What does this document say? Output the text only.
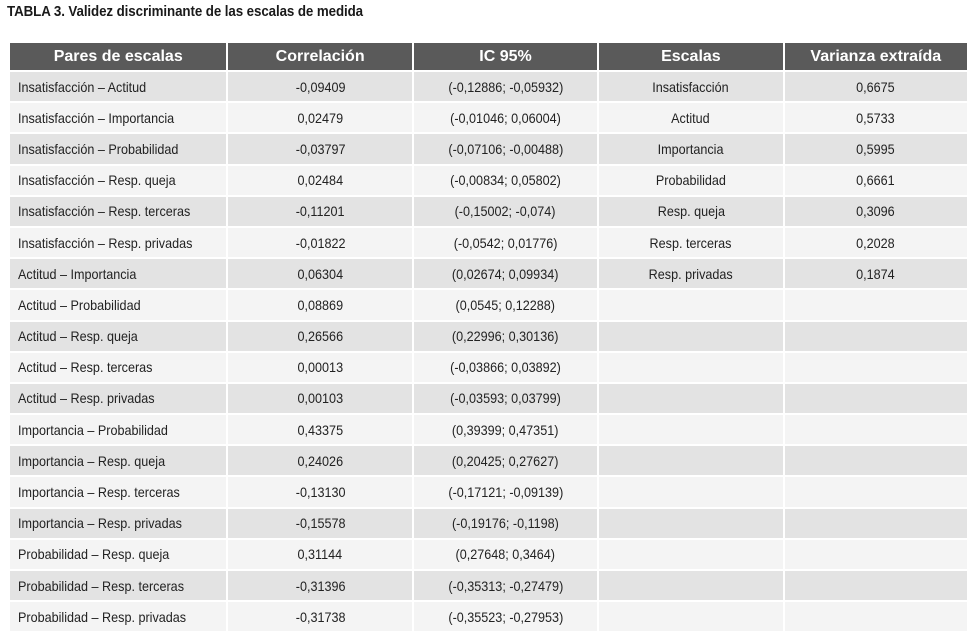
TABLA 3. Validez discriminante de las escalas de medida
Pares de escalas	Correlación	IC 95%	Escalas	Varianza extraída
Insatisfacción – Actitud	-0,09409	(-0,12886; -0,05932)	Insatisfacción	0,6675
Insatisfacción – Importancia	0,02479	(-0,01046; 0,06004)	Actitud	0,5733
Insatisfacción – Probabilidad	-0,03797	(-0,07106; -0,00488)	Importancia	0,5995
Insatisfacción – Resp. queja	0,02484	(-0,00834; 0,05802)	Probabilidad	0,6661
Insatisfacción – Resp. terceras	-0,11201	(-0,15002; -0,074)	Resp. queja	0,3096
Insatisfacción – Resp. privadas	-0,01822	(-0,0542; 0,01776)	Resp. terceras	0,2028
Actitud – Importancia	0,06304	(0,02674; 0,09934)	Resp. privadas	0,1874
Actitud – Probabilidad	0,08869	(0,0545; 0,12288)		
Actitud – Resp. queja	0,26566	(0,22996; 0,30136)		
Actitud – Resp. terceras	0,00013	(-0,03866; 0,03892)		
Actitud – Resp. privadas	0,00103	(-0,03593; 0,03799)		
Importancia – Probabilidad	0,43375	(0,39399; 0,47351)		
Importancia – Resp. queja	0,24026	(0,20425; 0,27627)		
Importancia – Resp. terceras	-0,13130	(-0,17121; -0,09139)		
Importancia – Resp. privadas	-0,15578	(-0,19176; -0,1198)		
Probabilidad – Resp. queja	0,31144	(0,27648; 0,3464)		
Probabilidad – Resp. terceras	-0,31396	(-0,35313; -0,27479)		
Probabilidad – Resp. privadas	-0,31738	(-0,35523; -0,27953)		
